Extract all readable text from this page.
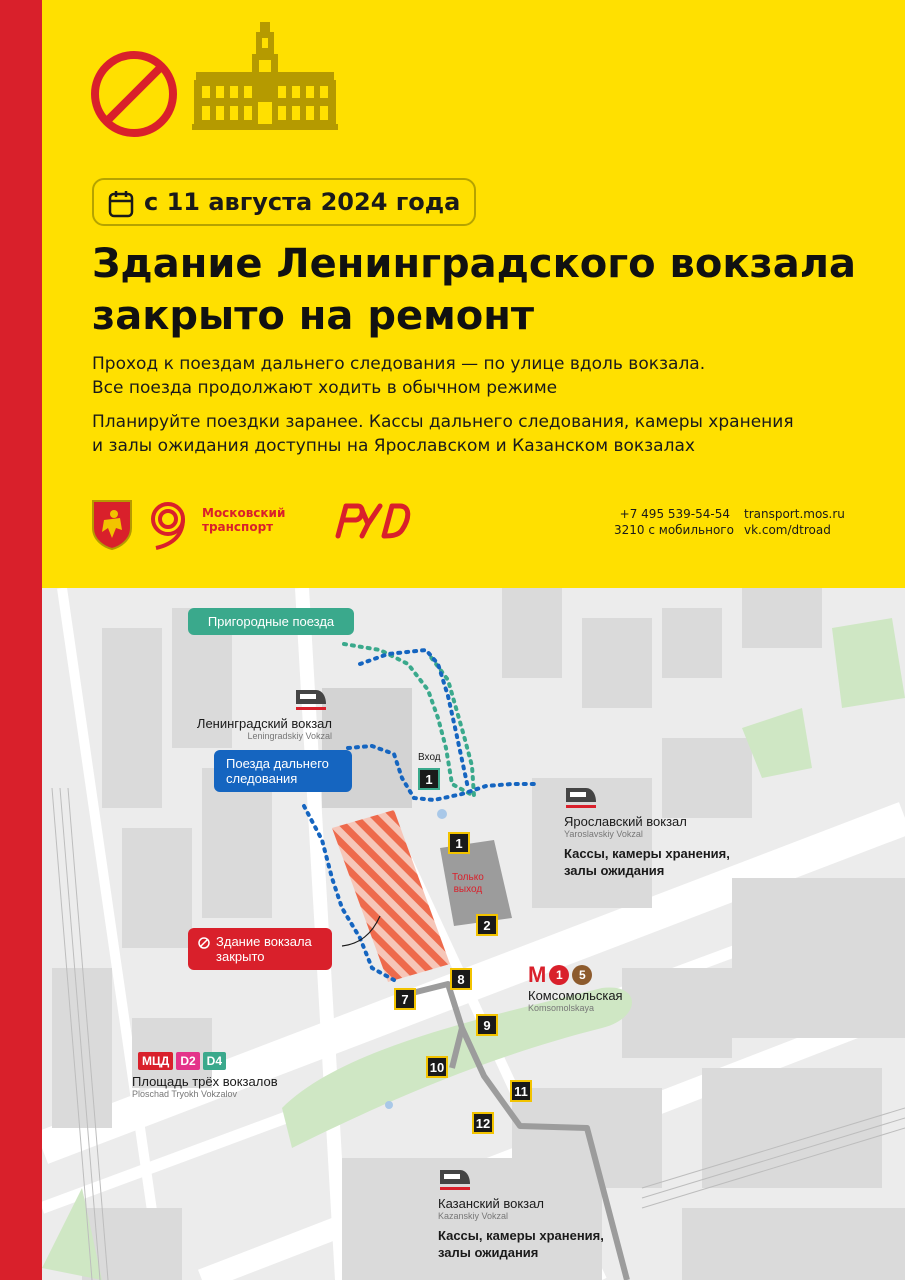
с 11 августа 2024 года
Здание Ленинградского вокзала
закрыто на ремонт
Проход к поездам дальнего следования — по улице вдоль вокзала.
Все поезда продолжают ходить в обычном режиме
Планируйте поездки заранее. Кассы дальнего следования, камеры хранения
и залы ожидания доступны на Ярославском и Казанском вокзалах
Московский
транспорт
+7 495 539-54-54
3210 с мобильного
transport.mos.ru
vk.com/dtroad
Пригородные поезда
Поезда дальнего
следования
Здание вокзала
закрыто
Вход
Только
выход
1
1
2
7
8
9
10
11
12
Ленинградский вокзал
Leningradskiy Vokzal
Ярославский вокзал
Yaroslavskiy Vokzal
Кассы, камеры хранения,
залы ожидания
Казанский вокзал
Kazanskiy Vokzal
Кассы, камеры хранения,
залы ожидания
М 1	5
Комсомольская
Komsomolskaya
МЦД D2 D4
Площадь трёх вокзалов
Ploschad Tryokh Vokzalov
